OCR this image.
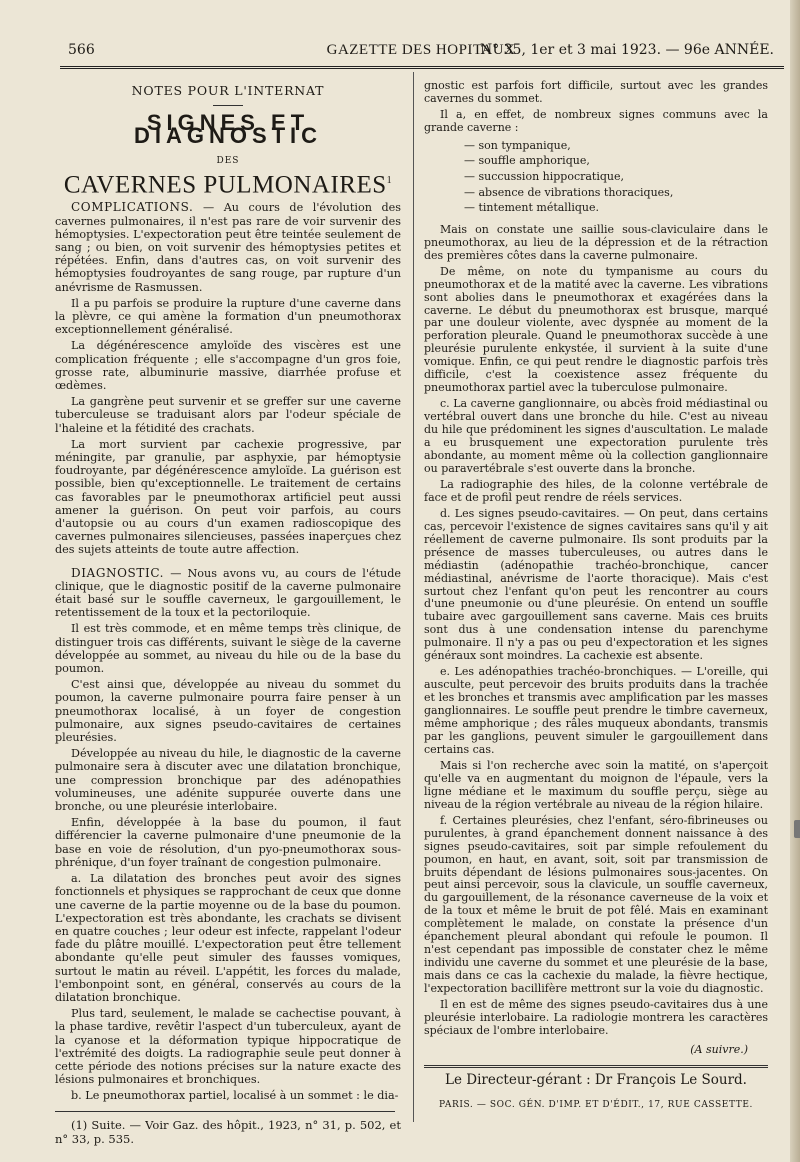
566	GAZETTE DES HOPITAUX
N° 35, 1er et 3 mai 1923. — 96e ANNÉE.
NOTES POUR L'INTERNAT
SIGNES ET DIAGNOSTIC
DES
CAVERNES PULMONAIRES$^1$

COMPLICATIONS. — Au cours de l'évolution des cavernes pulmonaires, il n'est pas rare de voir survenir des hémoptysies. L'expectoration peut être teintée seulement de sang ; ou bien, on voit survenir des hémoptysies petites et répétées. Enfin, dans d'autres cas, on voit survenir des hémoptysies foudroyantes de sang rouge, par rupture d'un anévrisme de Rasmussen.

Il a pu parfois se produire la rupture d'une caverne dans la plèvre, ce qui amène la formation d'un pneumothorax exceptionnellement généralisé.

La dégénérescence amyloïde des viscères est une complication fréquente ; elle s'accompagne d'un gros foie, grosse rate, albuminurie massive, diarrhée profuse et œdèmes.

La gangrène peut survenir et se greffer sur une caverne tuberculeuse se traduisant alors par l'odeur spéciale de l'haleine et la fétidité des crachats.

La mort survient par cachexie progressive, par méningite, par granulie, par asphyxie, par hémoptysie foudroyante, par dégénérescence amyloïde. La guérison est possible, bien qu'exceptionnelle. Le traitement de certains cas favorables par le pneumothorax artificiel peut aussi amener la guérison. On peut voir parfois, au cours d'autopsie ou au cours d'un examen radioscopique des cavernes pulmonaires silencieuses, passées inaperçues chez des sujets atteints de toute autre affection.

DIAGNOSTIC. — Nous avons vu, au cours de l'étude clinique, que le diagnostic positif de la caverne pulmonaire était basé sur le souffle caverneux, le gargouillement, le retentissement de la toux et la pectoriloquie.

Il est très commode, et en même temps très clinique, de distinguer trois cas différents, suivant le siège de la caverne développée au sommet, au niveau du hile ou de la base du poumon.

C'est ainsi que, développée au niveau du sommet du poumon, la caverne pulmonaire pourra faire penser à un pneumothorax localisé, à un foyer de congestion pulmonaire, aux signes pseudo-cavitaires de certaines pleurésies.

Développée au niveau du hile, le diagnostic de la caverne pulmonaire sera à discuter avec une dilatation bronchique, une compression bronchique par des adénopathies volumineuses, une adénite suppurée ouverte dans une bronche, ou une pleurésie interlobaire.

Enfin, développée à la base du poumon, il faut différencier la caverne pulmonaire d'une pneumonie de la base en voie de résolution, d'un pyo-pneumothorax sous-phrénique, d'un foyer traînant de congestion pulmonaire.

a. La dilatation des bronches peut avoir des signes fonctionnels et physiques se rapprochant de ceux que donne une caverne de la partie moyenne ou de la base du poumon. L'expectoration est très abondante, les crachats se divisent en quatre couches ; leur odeur est infecte, rappelant l'odeur fade du plâtre mouillé. L'expectoration peut être tellement abondante qu'elle peut simuler des fausses vomiques, surtout le matin au réveil. L'appétit, les forces du malade, l'embonpoint sont, en général, conservés au cours de la dilatation bronchique.

Plus tard, seulement, le malade se cachectise pouvant, à la phase tardive, revêtir l'aspect d'un tuberculeux, ayant de la cyanose et la déformation typique hippocratique de l'extrémité des doigts. La radiographie seule peut donner à cette période des notions précises sur la nature exacte des lésions pulmonaires et bronchiques.

b. Le pneumothorax partiel, localisé à un sommet : le dia-

(1) Suite. — Voir Gaz. des hôpit., 1923, n° 31, p. 502, et n° 33, p. 535.

gnostic est parfois fort difficile, surtout avec les grandes cavernes du sommet.

Il a, en effet, de nombreux signes communs avec la grande caverne :

— son tympanique,
— souffle amphorique,
— succussion hippocratique,
— absence de vibrations thoraciques,
— tintement métallique.

Mais on constate une saillie sous-claviculaire dans le pneumothorax, au lieu de la dépression et de la rétraction des premières côtes dans la caverne pulmonaire.

De même, on note du tympanisme au cours du pneumothorax et de la matité avec la caverne. Les vibrations sont abolies dans le pneumothorax et exagérées dans la caverne. Le début du pneumothorax est brusque, marqué par une douleur violente, avec dyspnée au moment de la perforation pleurale. Quand le pneumothorax succède à une pleurésie purulente enkystée, il survient à la suite d'une vomique. Enfin, ce qui peut rendre le diagnostic parfois très difficile, c'est la coexistence assez fréquente du pneumothorax partiel avec la tuberculose pulmonaire.

c. La caverne ganglionnaire, ou abcès froid médiastinal ou vertébral ouvert dans une bronche du hile. C'est au niveau du hile que prédominent les signes d'auscultation. Le malade a eu brusquement une expectoration purulente très abondante, au moment même où la collection ganglionnaire ou paravertébrale s'est ouverte dans la bronche.

La radiographie des hiles, de la colonne vertébrale de face et de profil peut rendre de réels services.

d. Les signes pseudo-cavitaires. — On peut, dans certains cas, percevoir l'existence de signes cavitaires sans qu'il y ait réellement de caverne pulmonaire. Ils sont produits par la présence de masses tuberculeuses, ou autres dans le médiastin (adénopathie trachéo-bronchique, cancer médiastinal, anévrisme de l'aorte thoracique). Mais c'est surtout chez l'enfant qu'on peut les rencontrer au cours d'une pneumonie ou d'une pleurésie. On entend un souffle tubaire avec gargouillement sans caverne. Mais ces bruits sont dus à une condensation intense du parenchyme pulmonaire. Il n'y a pas ou peu d'expectoration et les signes généraux sont moindres. La cachexie est absente.

e. Les adénopathies trachéo-bronchiques. — L'oreille, qui ausculte, peut percevoir des bruits produits dans la trachée et les bronches et transmis avec amplification par les masses ganglionnaires. Le souffle peut prendre le timbre caverneux, même amphorique ; des râles muqueux abondants, transmis par les ganglions, peuvent simuler le gargouillement dans certains cas.

Mais si l'on recherche avec soin la matité, on s'aperçoit qu'elle va en augmentant du moignon de l'épaule, vers la ligne médiane et le maximum du souffle perçu, siège au niveau de la région vertébrale au niveau de la région hilaire.

f. Certaines pleurésies, chez l'enfant, séro-fibrineuses ou purulentes, à grand épanchement donnent naissance à des signes pseudo-cavitaires, soit par simple refoulement du poumon, en haut, en avant, soit, soit par transmission de bruits dépendant de lésions pulmonaires sous-jacentes. On peut ainsi percevoir, sous la clavicule, un souffle caverneux, du gargouillement, de la résonance caverneuse de la voix et de la toux et même le bruit de pot fêlé. Mais en examinant complètement le malade, on constate la présence d'un épanchement pleural abondant qui refoule le poumon. Il n'est cependant pas impossible de constater chez le même individu une caverne du sommet et une pleurésie de la base, mais dans ce cas la cachexie du malade, la fièvre hectique, l'expectoration bacillifère mettront sur la voie du diagnostic.

Il en est de même des signes pseudo-cavitaires dus à une pleurésie interlobaire. La radiologie montrera les caractères spéciaux de l'ombre interlobaire.

(A suivre.)
Le Directeur-gérant : Dr François Le Sourd.
PARIS. — SOC. GÉN. D'IMP. ET D'ÉDIT., 17, RUE CASSETTE.
